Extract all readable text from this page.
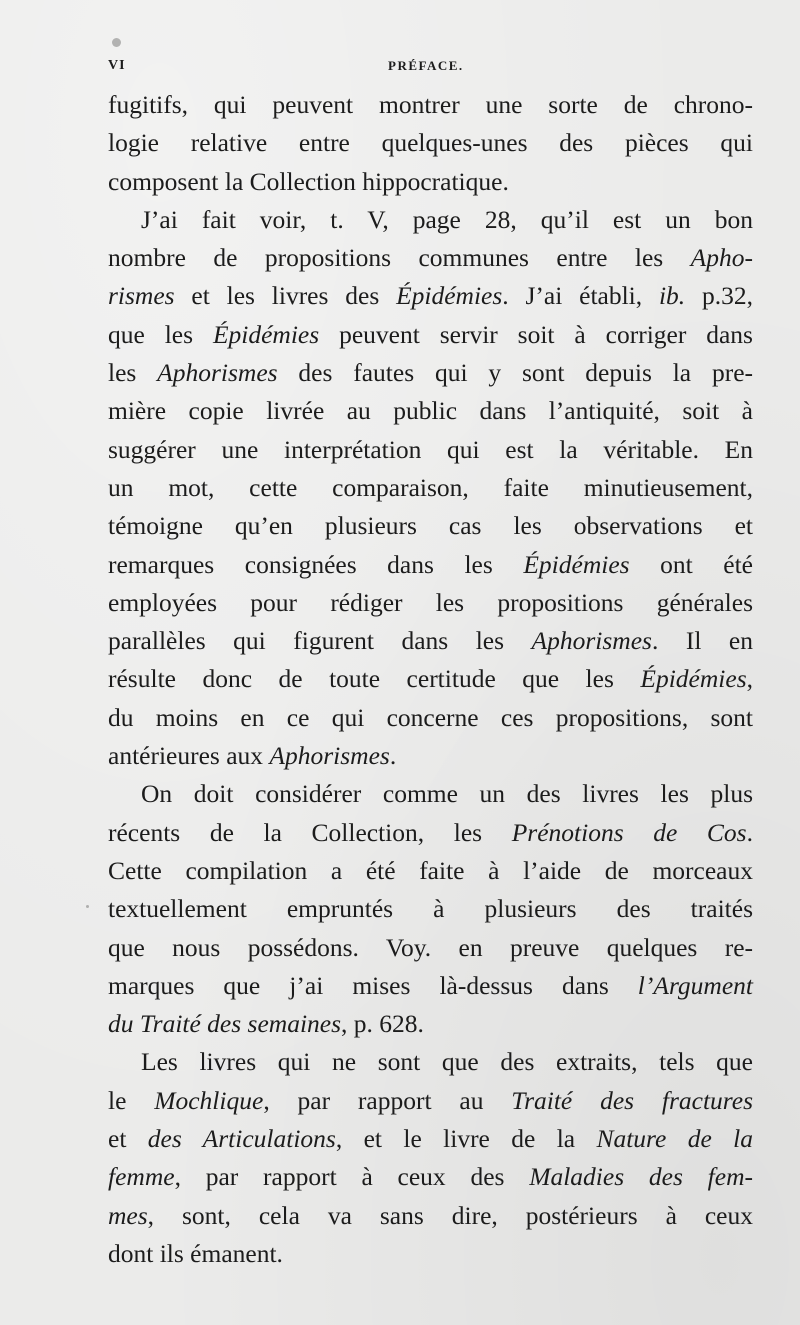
VI	PRÉFACE.
fugitifs, qui peuvent montrer une sorte de chrono-
logie relative entre quelques-unes des pièces qui
composent la Collection hippocratique.
J’ai fait voir, t. V, page 28, qu’il est un bon
nombre de propositions communes entre les Apho-
rismes et les livres des Épidémies. J’ai établi, ib. p.32,
que les Épidémies peuvent servir soit à corriger dans
les Aphorismes des fautes qui y sont depuis la pre-
mière copie livrée au public dans l’antiquité, soit à
suggérer une interprétation qui est la véritable. En
un mot, cette comparaison, faite minutieusement,
témoigne qu’en plusieurs cas les observations et
remarques consignées dans les Épidémies ont été
employées pour rédiger les propositions générales
parallèles qui figurent dans les Aphorismes. Il en
résulte donc de toute certitude que les Épidémies,
du moins en ce qui concerne ces propositions, sont
antérieures aux Aphorismes.
On doit considérer comme un des livres les plus
récents de la Collection, les Prénotions de Cos.
Cette compilation a été faite à l’aide de morceaux
textuellement empruntés à plusieurs des traités
que nous possédons. Voy. en preuve quelques re-
marques que j’ai mises là-dessus dans l’Argument
du Traité des semaines, p. 628.
Les livres qui ne sont que des extraits, tels que
le Mochlique, par rapport au Traité des fractures
et des Articulations, et le livre de la Nature de la
femme, par rapport à ceux des Maladies des fem-
mes, sont, cela va sans dire, postérieurs à ceux
dont ils émanent.
